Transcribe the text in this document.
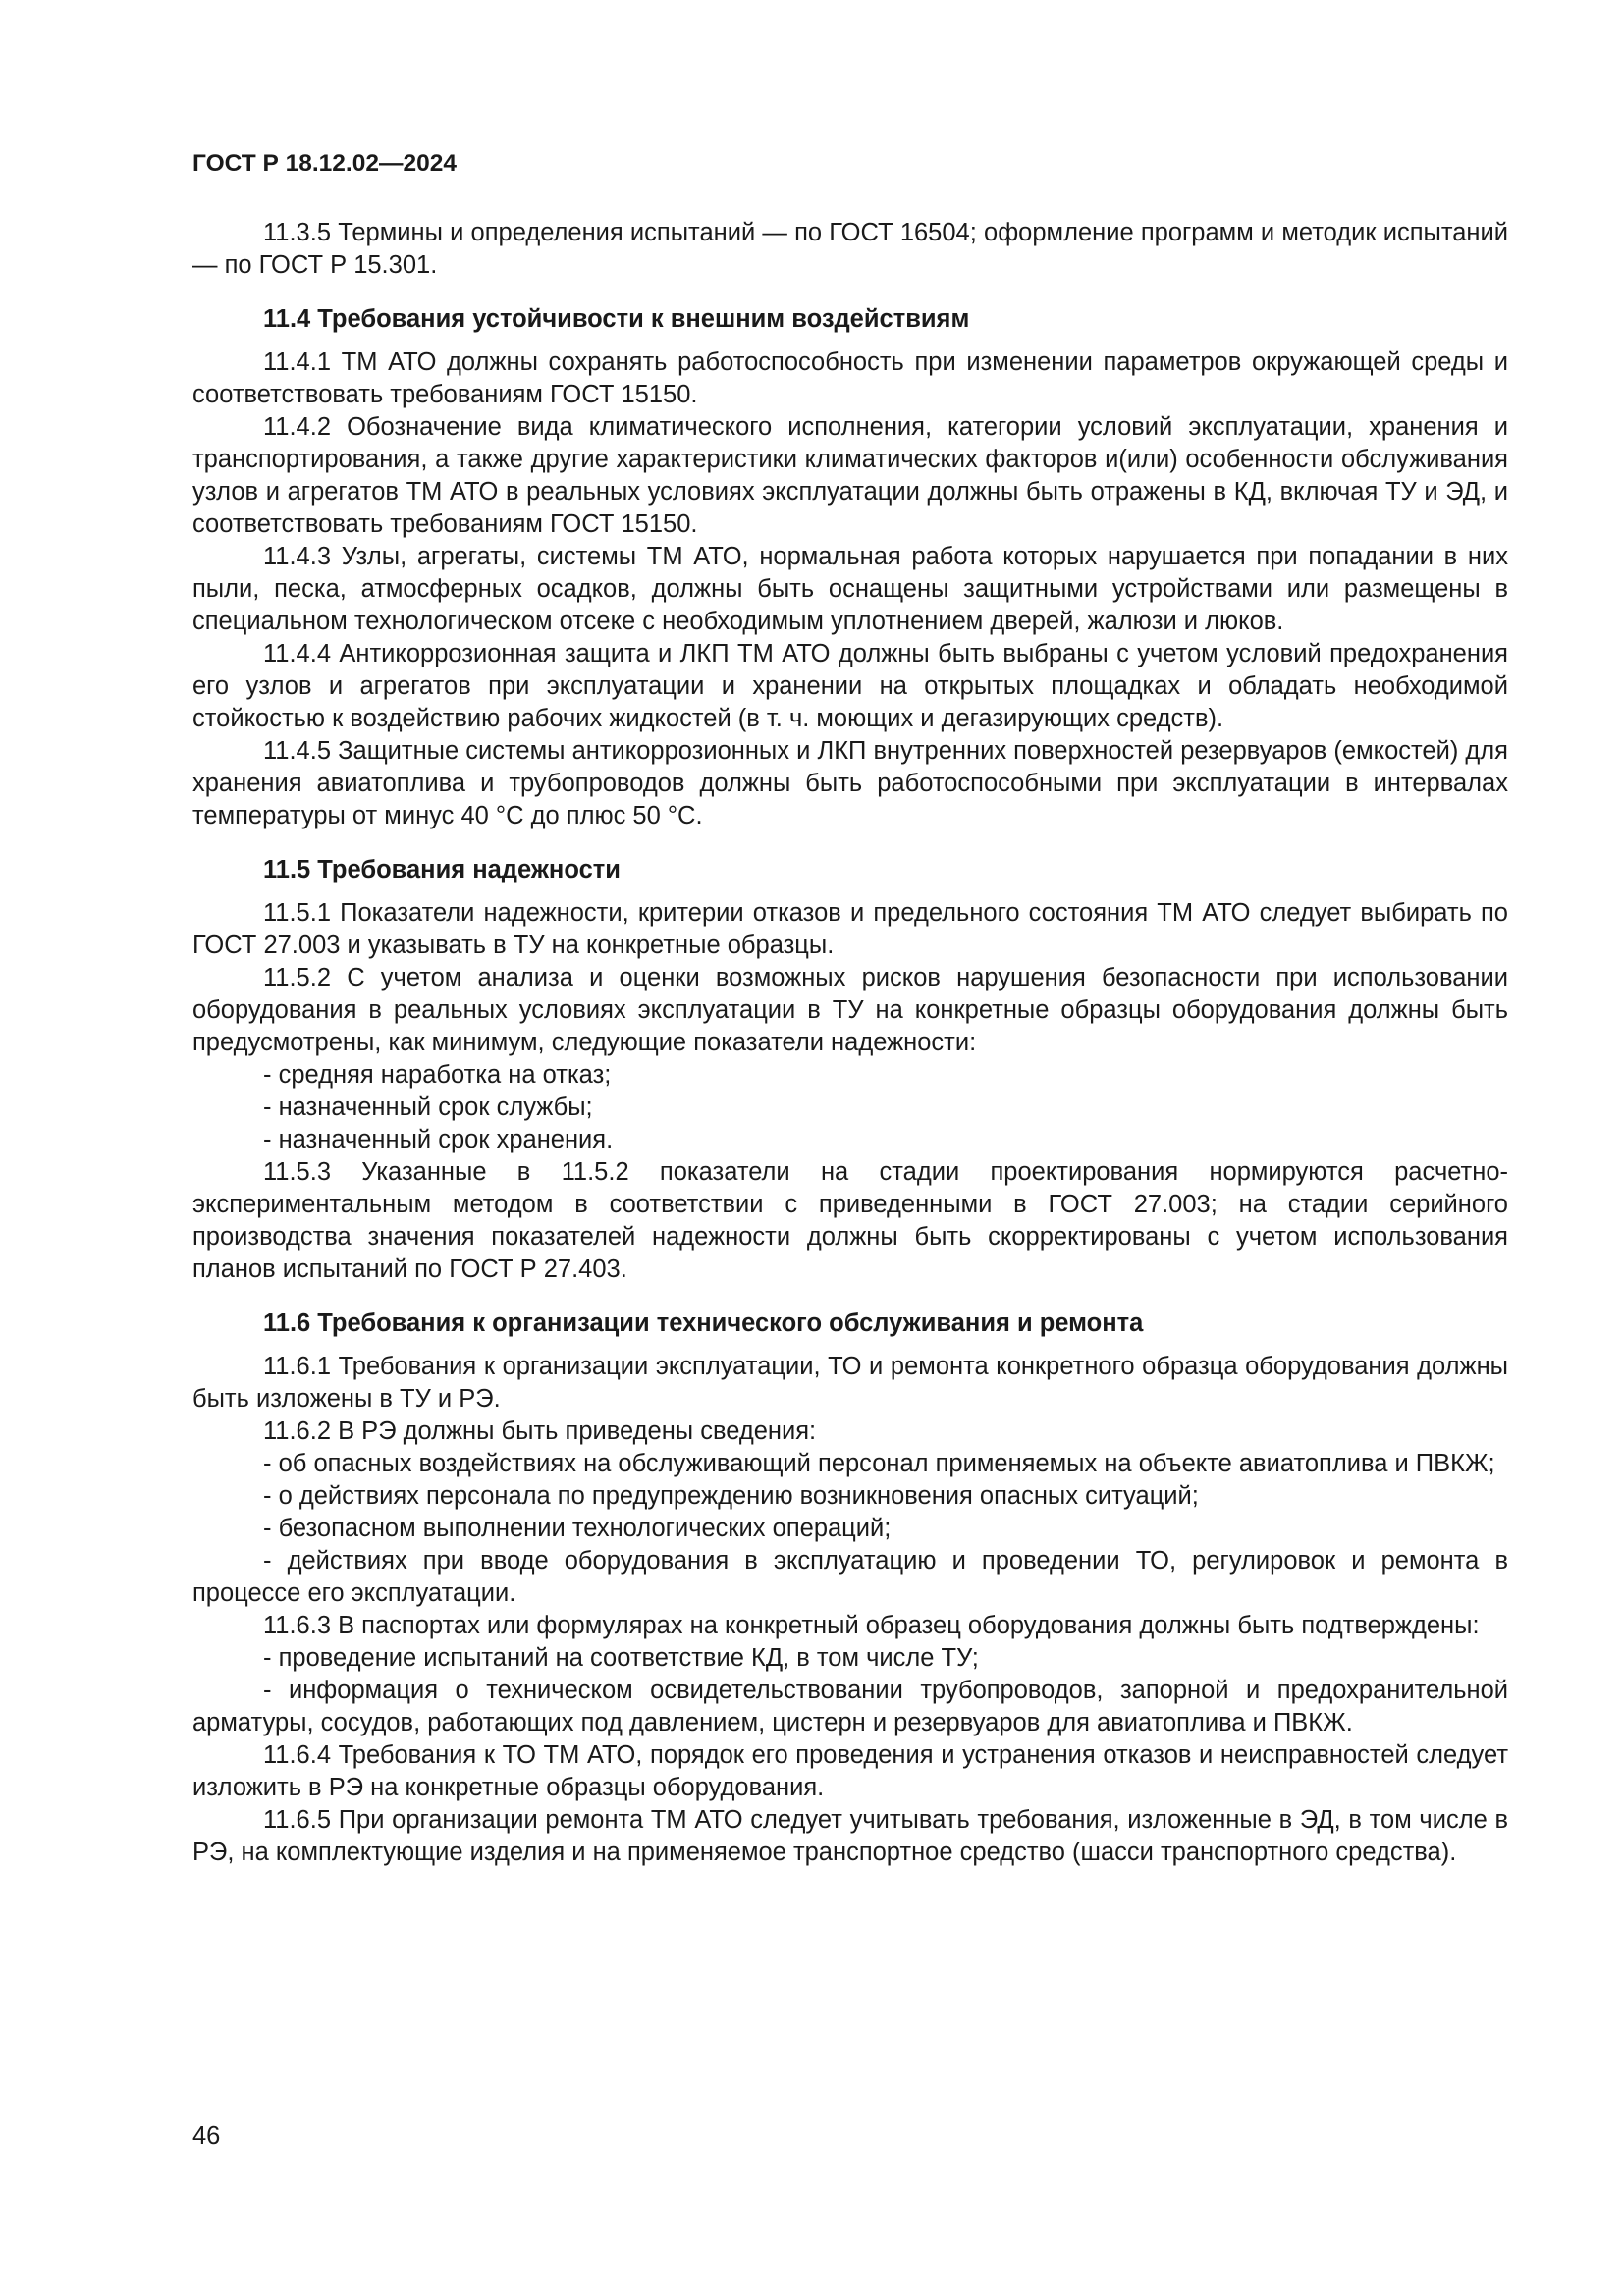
ГОСТ Р 18.12.02—2024

11.3.5 Термины и определения испытаний — по ГОСТ 16504; оформление программ и методик испытаний — по ГОСТ Р 15.301.

11.4 Требования устойчивости к внешним воздействиям

11.4.1 ТМ АТО должны сохранять работоспособность при изменении параметров окружающей среды и соответствовать требованиям ГОСТ 15150.

11.4.2 Обозначение вида климатического исполнения, категории условий эксплуатации, хранения и транспортирования, а также другие характеристики климатических факторов и(или) особенности обслуживания узлов и агрегатов ТМ АТО в реальных условиях эксплуатации должны быть отражены в КД, включая ТУ и ЭД, и соответствовать требованиям ГОСТ 15150.

11.4.3 Узлы, агрегаты, системы ТМ АТО, нормальная работа которых нарушается при попадании в них пыли, песка, атмосферных осадков, должны быть оснащены защитными устройствами или размещены в специальном технологическом отсеке с необходимым уплотнением дверей, жалюзи и люков.

11.4.4 Антикоррозионная защита и ЛКП ТМ АТО должны быть выбраны с учетом условий предохранения его узлов и агрегатов при эксплуатации и хранении на открытых площадках и обладать необходимой стойкостью к воздействию рабочих жидкостей (в т. ч. моющих и дегазирующих средств).

11.4.5 Защитные системы антикоррозионных и ЛКП внутренних поверхностей резервуаров (емкостей) для хранения авиатоплива и трубопроводов должны быть работоспособными при эксплуатации в интервалах температуры от минус 40 °С до плюс 50 °С.

11.5 Требования надежности

11.5.1 Показатели надежности, критерии отказов и предельного состояния ТМ АТО следует выбирать по ГОСТ 27.003 и указывать в ТУ на конкретные образцы.

11.5.2 С учетом анализа и оценки возможных рисков нарушения безопасности при использовании оборудования в реальных условиях эксплуатации в ТУ на конкретные образцы оборудования должны быть предусмотрены, как минимум, следующие показатели надежности:

- средняя наработка на отказ;
- назначенный срок службы;
- назначенный срок хранения.

11.5.3 Указанные в 11.5.2 показатели на стадии проектирования нормируются расчетно-экспериментальным методом в соответствии с приведенными в ГОСТ 27.003; на стадии серийного производства значения показателей надежности должны быть скорректированы с учетом использования планов испытаний по ГОСТ Р 27.403.

11.6 Требования к организации технического обслуживания и ремонта

11.6.1 Требования к организации эксплуатации, ТО и ремонта конкретного образца оборудования должны быть изложены в ТУ и РЭ.

11.6.2 В РЭ должны быть приведены сведения:

- об опасных воздействиях на обслуживающий персонал применяемых на объекте авиатоплива и ПВКЖ;
- о действиях персонала по предупреждению возникновения опасных ситуаций;
- безопасном выполнении технологических операций;
- действиях при вводе оборудования в эксплуатацию и проведении ТО, регулировок и ремонта в процессе его эксплуатации.

11.6.3 В паспортах или формулярах на конкретный образец оборудования должны быть подтверждены:

- проведение испытаний на соответствие КД, в том числе ТУ;
- информация о техническом освидетельствовании трубопроводов, запорной и предохранительной арматуры, сосудов, работающих под давлением, цистерн и резервуаров для авиатоплива и ПВКЖ.

11.6.4 Требования к ТО ТМ АТО, порядок его проведения и устранения отказов и неисправностей следует изложить в РЭ на конкретные образцы оборудования.

11.6.5 При организации ремонта ТМ АТО следует учитывать требования, изложенные в ЭД, в том числе в РЭ, на комплектующие изделия и на применяемое транспортное средство (шасси транспортного средства).

46
